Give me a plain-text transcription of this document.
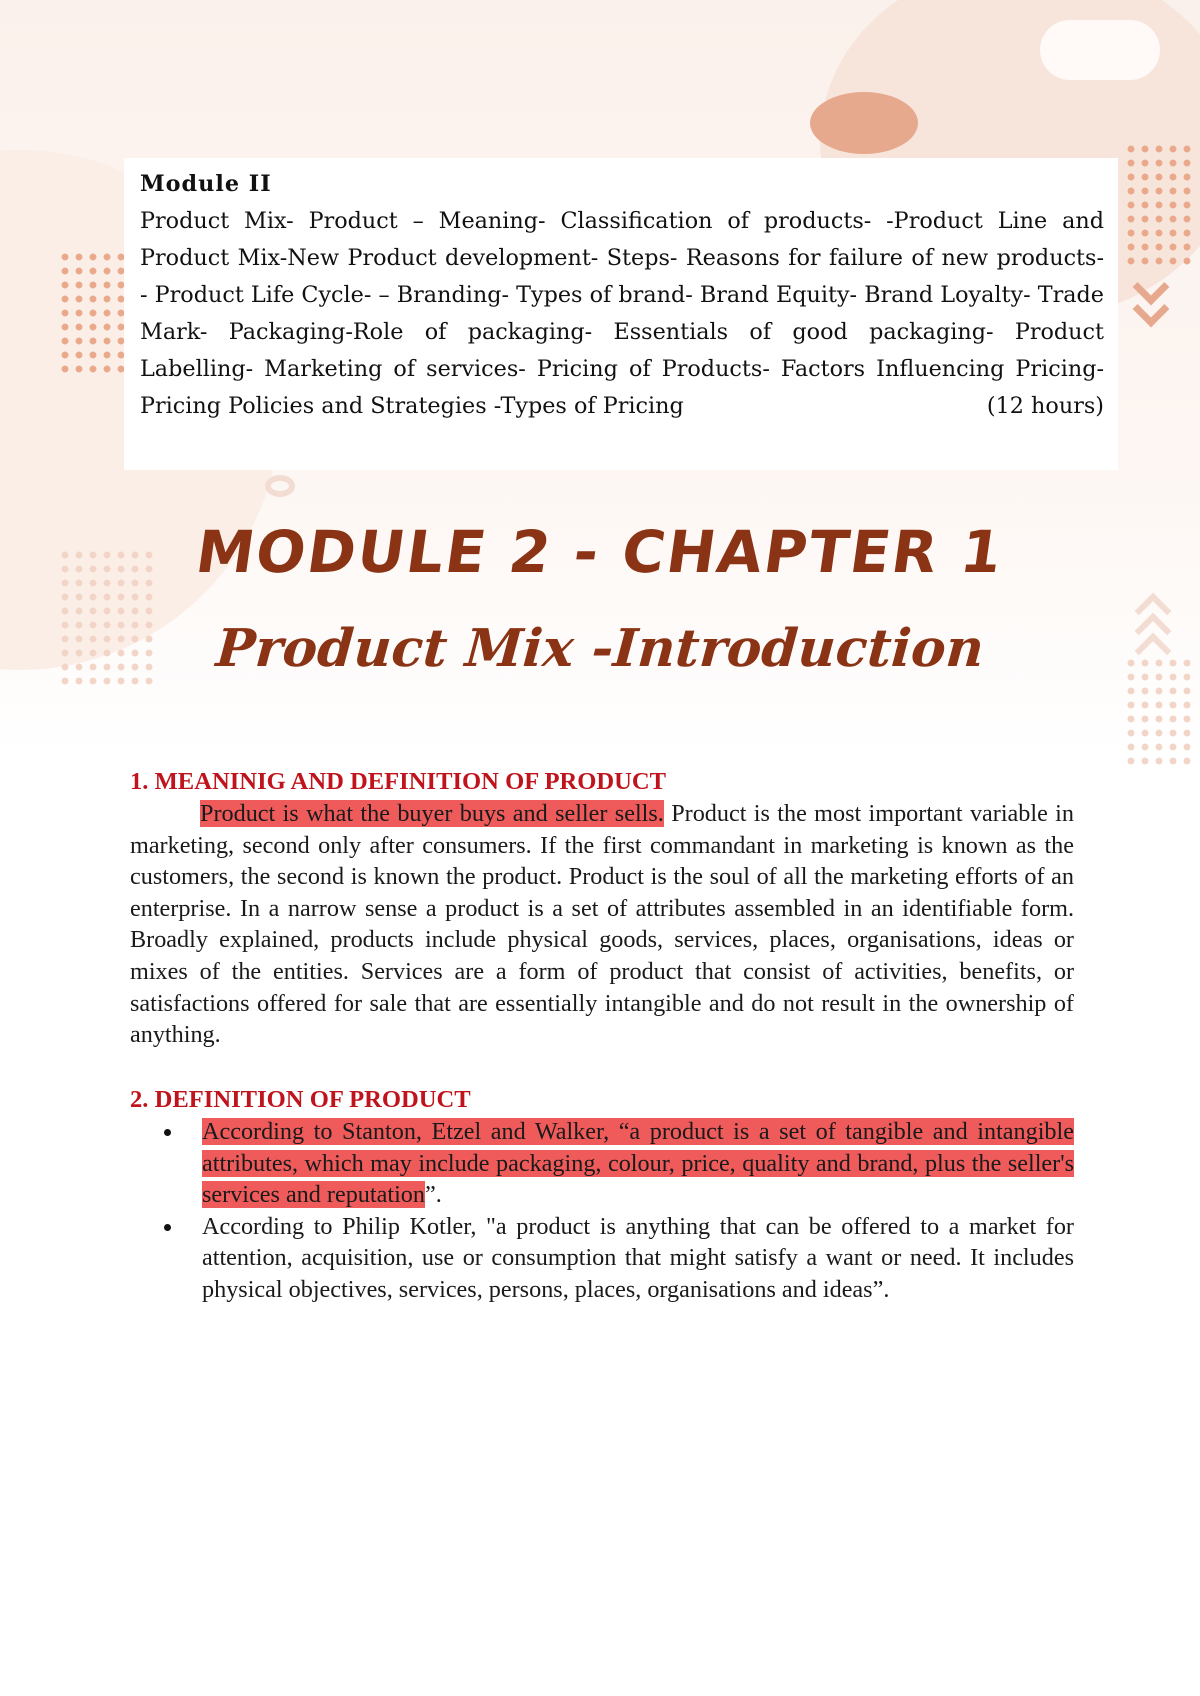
Module II
Product Mix- Product – Meaning- Classification of products- -Product Line and Product Mix-New Product development- Steps- Reasons for failure of new products- - Product Life Cycle- – Branding- Types of brand- Brand Equity- Brand Loyalty- Trade Mark- Packaging-Role of packaging- Essentials of good packaging- Product Labelling- Marketing of services- Pricing of Products- Factors Influencing Pricing- Pricing Policies and Strategies -Types of Pricing	(12 hours)
MODULE 2 - CHAPTER 1
Product Mix -Introduction
1. MEANINIG AND DEFINITION OF PRODUCT
Product is what the buyer buys and seller sells. Product is the most important variable in marketing, second only after consumers. If the first commandant in marketing is known as the customers, the second is known the product. Product is the soul of all the marketing efforts of an enterprise. In a narrow sense a product is a set of attributes assembled in an identifiable form. Broadly explained, products include physical goods, services, places, organisations, ideas or mixes of the entities. Services are a form of product that consist of activities, benefits, or satisfactions offered for sale that are essentially intangible and do not result in the ownership of anything.
2. DEFINITION OF PRODUCT
According to Stanton, Etzel and Walker, “a product is a set of tangible and intangible attributes, which may include packaging, colour, price, quality and brand, plus the seller's services and reputation”.
According to Philip Kotler, "a product is anything that can be offered to a market for attention, acquisition, use or consumption that might satisfy a want or need. It includes physical objectives, services, persons, places, organisations and ideas”.
